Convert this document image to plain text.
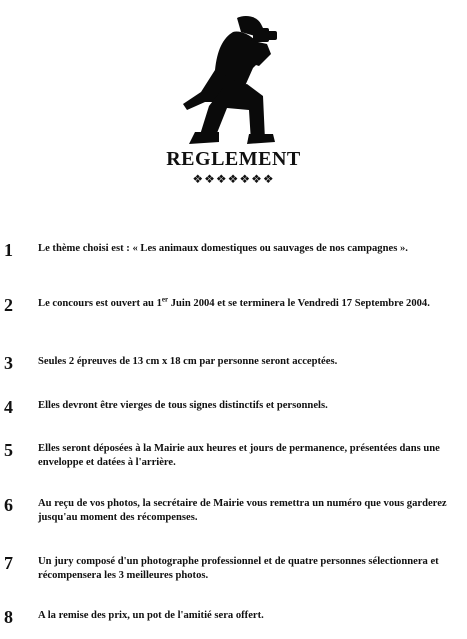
REGLEMENT
❖❖❖❖❖❖❖
1	Le thème choisi est : « Les animaux domestiques ou sauvages de nos campagnes ».
2	Le concours est ouvert au 1er Juin 2004 et se terminera le Vendredi 17 Septembre 2004.
3	Seules 2 épreuves de 13 cm x 18 cm par personne seront acceptées.
4	Elles devront être vierges de tous signes distinctifs et personnels.
5	Elles seront déposées à la Mairie aux heures et jours de permanence, présentées dans une enveloppe et datées à l'arrière.
6	Au reçu de vos photos, la secrétaire de Mairie vous remettra un numéro que vous garderez jusqu'au moment des récompenses.
7	Un jury composé d'un photographe professionnel et de quatre personnes sélectionnera et récompensera les 3 meilleures photos.
8	A la remise des prix, un pot de l'amitié sera offert.
